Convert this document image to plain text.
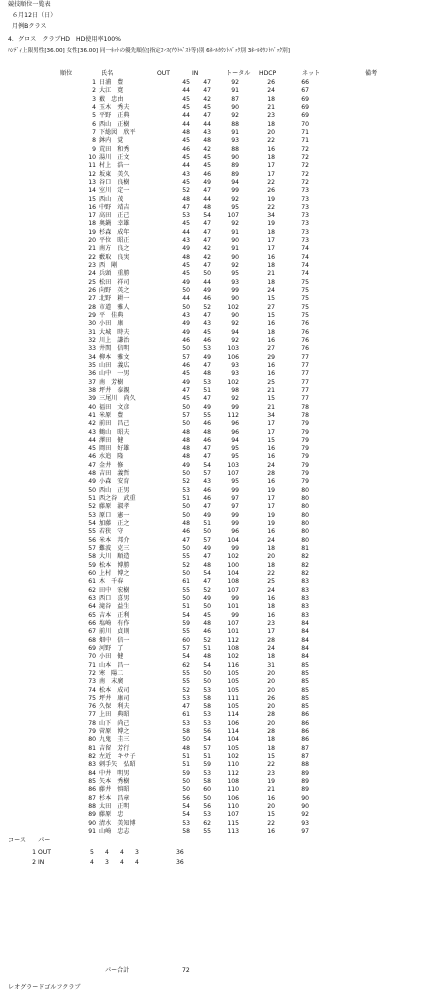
競技順位一覧表
６月12日（日）
月例Bクラス
4．グロス　クラブHD　HD使用率100%
ﾊﾝﾃﾞｨ上限男性[36.00] 女性[36.00] 同一ﾈｯﾄの優先順位[指定ｺｰｽ(ｱｳﾄﾍﾞｽﾄ等)別 6ﾎｰﾙｶｳﾝﾄﾊﾞｯｸ別 3ﾎｰﾙｶｳﾝﾄﾊﾞｯｸ別]
順位	氏名	OUT	IN	トータル HDCP	ネット	備考
1 日浦　豊	45	47	92	26	66
2 大江　寛	44	47	91	24	67
3 薮　忠由	45	42	87	18	69
4 玉木　秀夫	45	45	90	21	69
5 平野　正典	44	47	92	23	69
6 西山　正樹	44	44	88	18	70
7 下総図　欣平	48	43	91	20	71
8 鉢内　覚	45	48	93	22	71
9 荒田　和秀	46	42	88	16	72
10 湯川　正文	45	45	90	18	72
11 村上　浩一	44	45	89	17	72
12 坂東　美久	43	46	89	17	72
13 谷口　良樹	45	49	94	22	72
14 室川　定一	52	47	99	26	73
15 西山　茂	48	44	92	19	73
16 中野　靖吉	47	48	95	22	73
17 高田　正己	53	54	107	34	73
18 奥鍋　幸雄	45	47	92	19	73
19 杉森　成年	44	47	91	18	73
20 平位　昭正	43	47	90	17	73
21 南方　良之	49	42	91	17	74
22 藪取　良実	48	42	90	16	74
23 西　剛	45	47	92	18	74
24 兵頭　重勝	45	50	95	21	74
25 松田　祥司	49	44	93	18	75
26 向野　英之	50	49	99	24	75
27 北野　耕一	44	46	90	15	75
28 市道　雅人	50	52	102	27	75
29 平　佳典	43	47	90	15	75
30 小田　康	49	43	92	16	76
31 大城　時夫	49	45	94	18	76
32 川上　謙治	46	46	92	16	76
33 井関　信明	50	53	103	27	76
34 柳本　雅文	57	49	106	29	77
35 山田　義広	46	47	93	16	77
36 山中　一男	45	48	93	16	77
37 南　芳樹	49	53	102	25	77
38 坪井　泰親	47	51	98	21	77
39 三尾川　尚久	45	47	92	15	77
40 福田　文彦	50	49	99	21	78
41 米原　豊	57	55	112	34	78
42 前田　昌己	50	46	96	17	79
43 鶴山　昭夫	48	48	96	17	79
44 澤田　健	48	46	94	15	79
45 岡田　好雄	48	47	95	16	79
46 水追　隆	48	47	95	16	79
47 金井　修	49	54	103	24	79
48 吉田　義哲	50	57	107	28	79
49 小森　安育	52	43	95	16	79
50 西山　正男	53	46	99	19	80
51 西之谷　武重	51	46	97	17	80
52 藤原　淑孝	50	47	97	17	80
53 原口　憲一	50	49	99	19	80
54 加藤　正之	48	51	99	19	80
55 若狭　守	46	50	96	16	80
56 米本　邦介	47	57	104	24	80
57 難波　克三	50	49	99	18	81
58 大川　順造	55	47	102	20	82
59 松本　博勝	52	48	100	18	82
60 上村　博之	50	54	104	22	82
61 木　千春	61	47	108	25	83
62 田中　宏樹	55	52	107	24	83
63 西口　喜男	50	49	99	16	83
64 滝谷　益生	51	50	101	18	83
65 吉本　正利	54	45	99	16	83
66 塩崎　有作	59	48	107	23	84
67 前川　貞則	55	46	101	17	84
68 畑中　信一	60	52	112	28	84
69 河野　了	57	51	108	24	84
70 小田　健	54	48	102	18	84
71 山本　昌一	62	54	116	31	85
72 寒　陽二	55	50	105	20	85
73 南　末廣	55	50	105	20	85
74 松本　成司	52	53	105	20	85
75 坪井　康司	53	58	111	26	85
76 久保　利夫	47	58	105	20	85
77 上田　典昭	61	53	114	28	86
78 山下　尚己	53	53	106	20	86
79 菅原　博之	58	56	114	28	86
80 九鬼　圭三	50	54	104	18	86
81 吉留　芳行	48	57	105	18	87
82 左近　キサ子	51	51	102	15	87
83 刺手矢　弘昭	51	59	110	22	88
84 中井　明男	59	53	112	23	89
85 矢本　秀樹	50	58	108	19	89
86 藤井　慎昭	50	60	110	21	89
87 杉本　昌章	56	50	106	16	90
88 太田　正明	54	56	110	20	90
89 藤原　忠	54	53	107	15	92
90 清水　美知博	53	62	115	22	93
91 山崎　忠志	58	55	113	16	97
コース　　パー
1 OUT	5 4 4 3	36
2 IN	4 3 4 4	36
パー合計	72
レオグラードゴルフクラブ
